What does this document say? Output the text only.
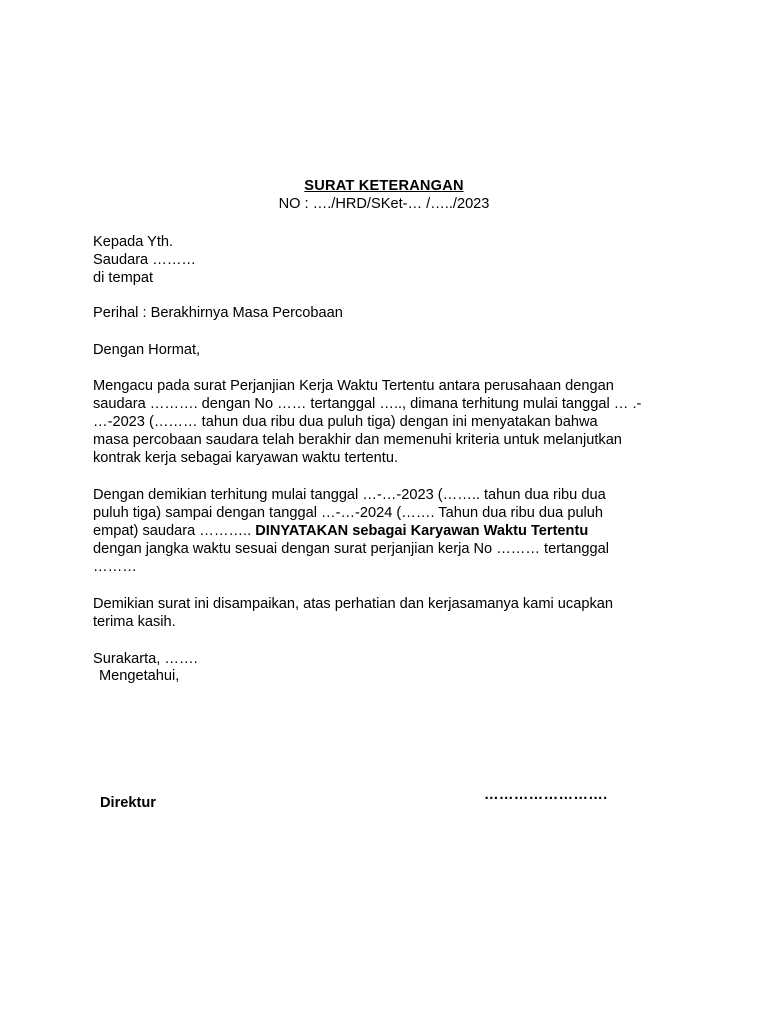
SURAT KETERANGAN
NO : …./HRD/SKet-… /…../2023

Kepada Yth.

Saudara ………

di tempat

Perihal : Berakhirnya Masa Percobaan
Dengan Hormat,

Mengacu pada surat Perjanjian Kerja Waktu Tertentu antara perusahaan dengan

saudara ………. dengan No …… tertanggal ….., dimana terhitung mulai tanggal … .-

…-2023 (……… tahun dua ribu dua puluh tiga) dengan ini menyatakan bahwa

masa percobaan saudara telah berakhir dan memenuhi kriteria untuk melanjutkan

kontrak kerja sebagai karyawan waktu tertentu.

Dengan demikian terhitung mulai tanggal …-…-2023 (…….. tahun dua ribu dua

puluh tiga) sampai dengan tanggal …-…-2024 (……. Tahun dua ribu dua puluh

empat) saudara ……….. DINYATAKAN sebagai Karyawan Waktu Tertentu

dengan jangka waktu sesuai dengan surat perjanjian kerja No ……… tertanggal

………

Demikian surat ini disampaikan, atas perhatian dan kerjasamanya kami ucapkan

terima kasih.

Surakarta, …….
Mengetahui,
Direktur	…………………….
